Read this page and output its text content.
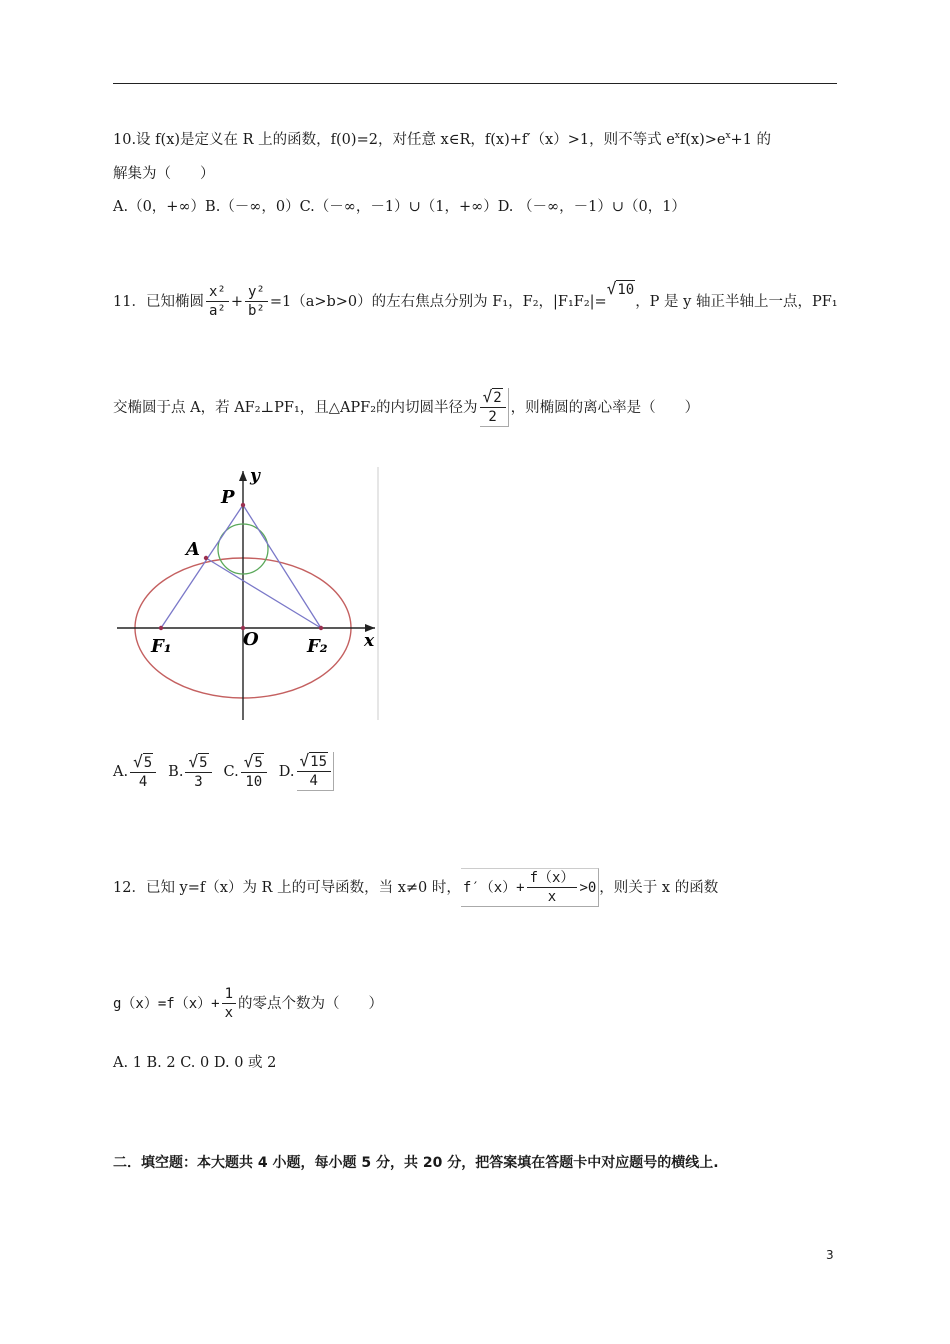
10.设 f(x)是定义在 R 上的函数，f(0)=2，对任意 x∈R，f(x)+f′（x）>1，则不等式 $e^xf(x)>e^x+1$ 的
解集为（　　）
A.（0，+∞）B.（－∞，0）C.（－∞，－1）∪（1，+∞）D. （－∞，－1）∪（0，1）
11．已知椭圆 $\frac{\text{x²}}{\text{a²}} + \frac{\text{y²}}{\text{b²}} =1(a>b>0)$的左右焦点分别为 F₁，F₂，|F₁F₂|=
√ 10
，P 是 y 轴正半轴上一点，PF₁
交椭圆于点 A，若 AF₂⊥PF₁，且△APF₂的内切圆半径为 $\frac{√ 2}{2}$ ，则椭圆的离心率是（　　）
y
x
P
A
F₁	O	F₂
A. $\frac{√ 5}{4} B$. $\frac{√ 5}{3} C$. $\frac{√ 5}{10} D$. $\frac{√ 15}{4}$
12．已知 y=f（x）为 R 上的可导函数，当 x≠0 时， $f'(x)+ \frac{f(x)}{x} >0$ ，则关于 x 的函数
$g(x)=f(x)+ \frac{1}{x}$ 的零点个数为（　　）
A. 1 B. 2 C. 0 D. 0 或 2
二．填空题：本大题共 4 小题，每小题 5 分，共 20 分，把答案填在答题卡中对应题号的横线上.
3
